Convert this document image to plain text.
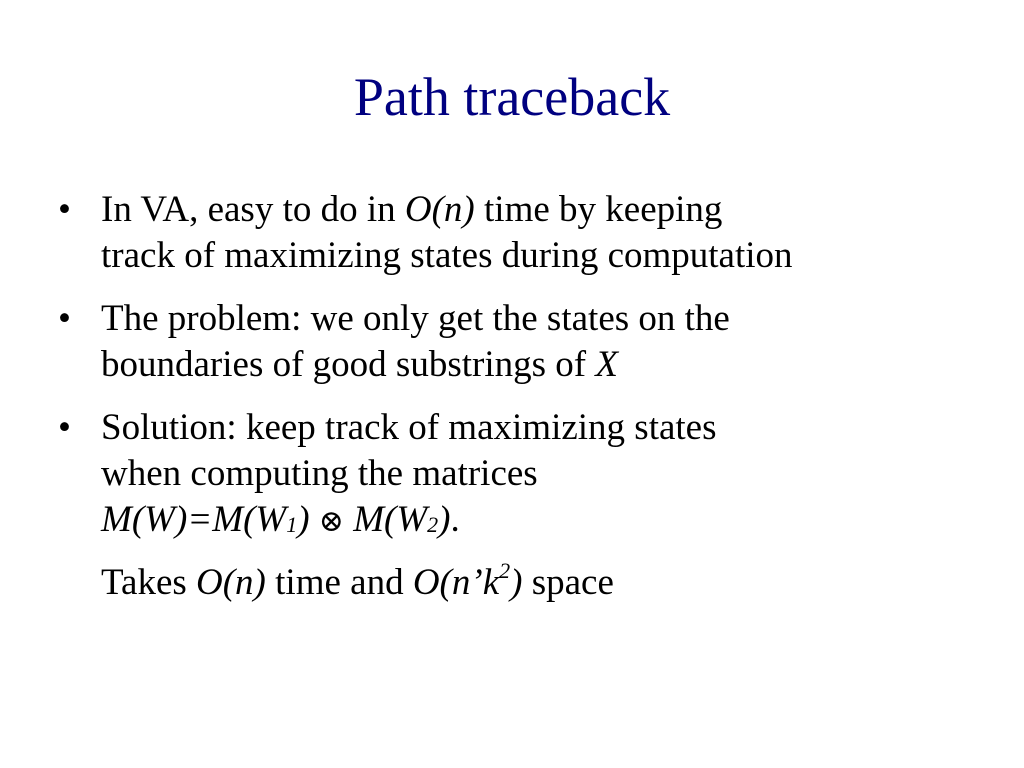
Path traceback
• In VA, easy to do in O(n) time by keeping
track of maximizing states during computation
• The problem: we only get the states on the
boundaries of good substrings of X
• Solution: keep track of maximizing states
when computing the matrices
M(W)=M(W1) ⊗ M(W2).
Takes O(n) time and $O(n’k^2)$ space
